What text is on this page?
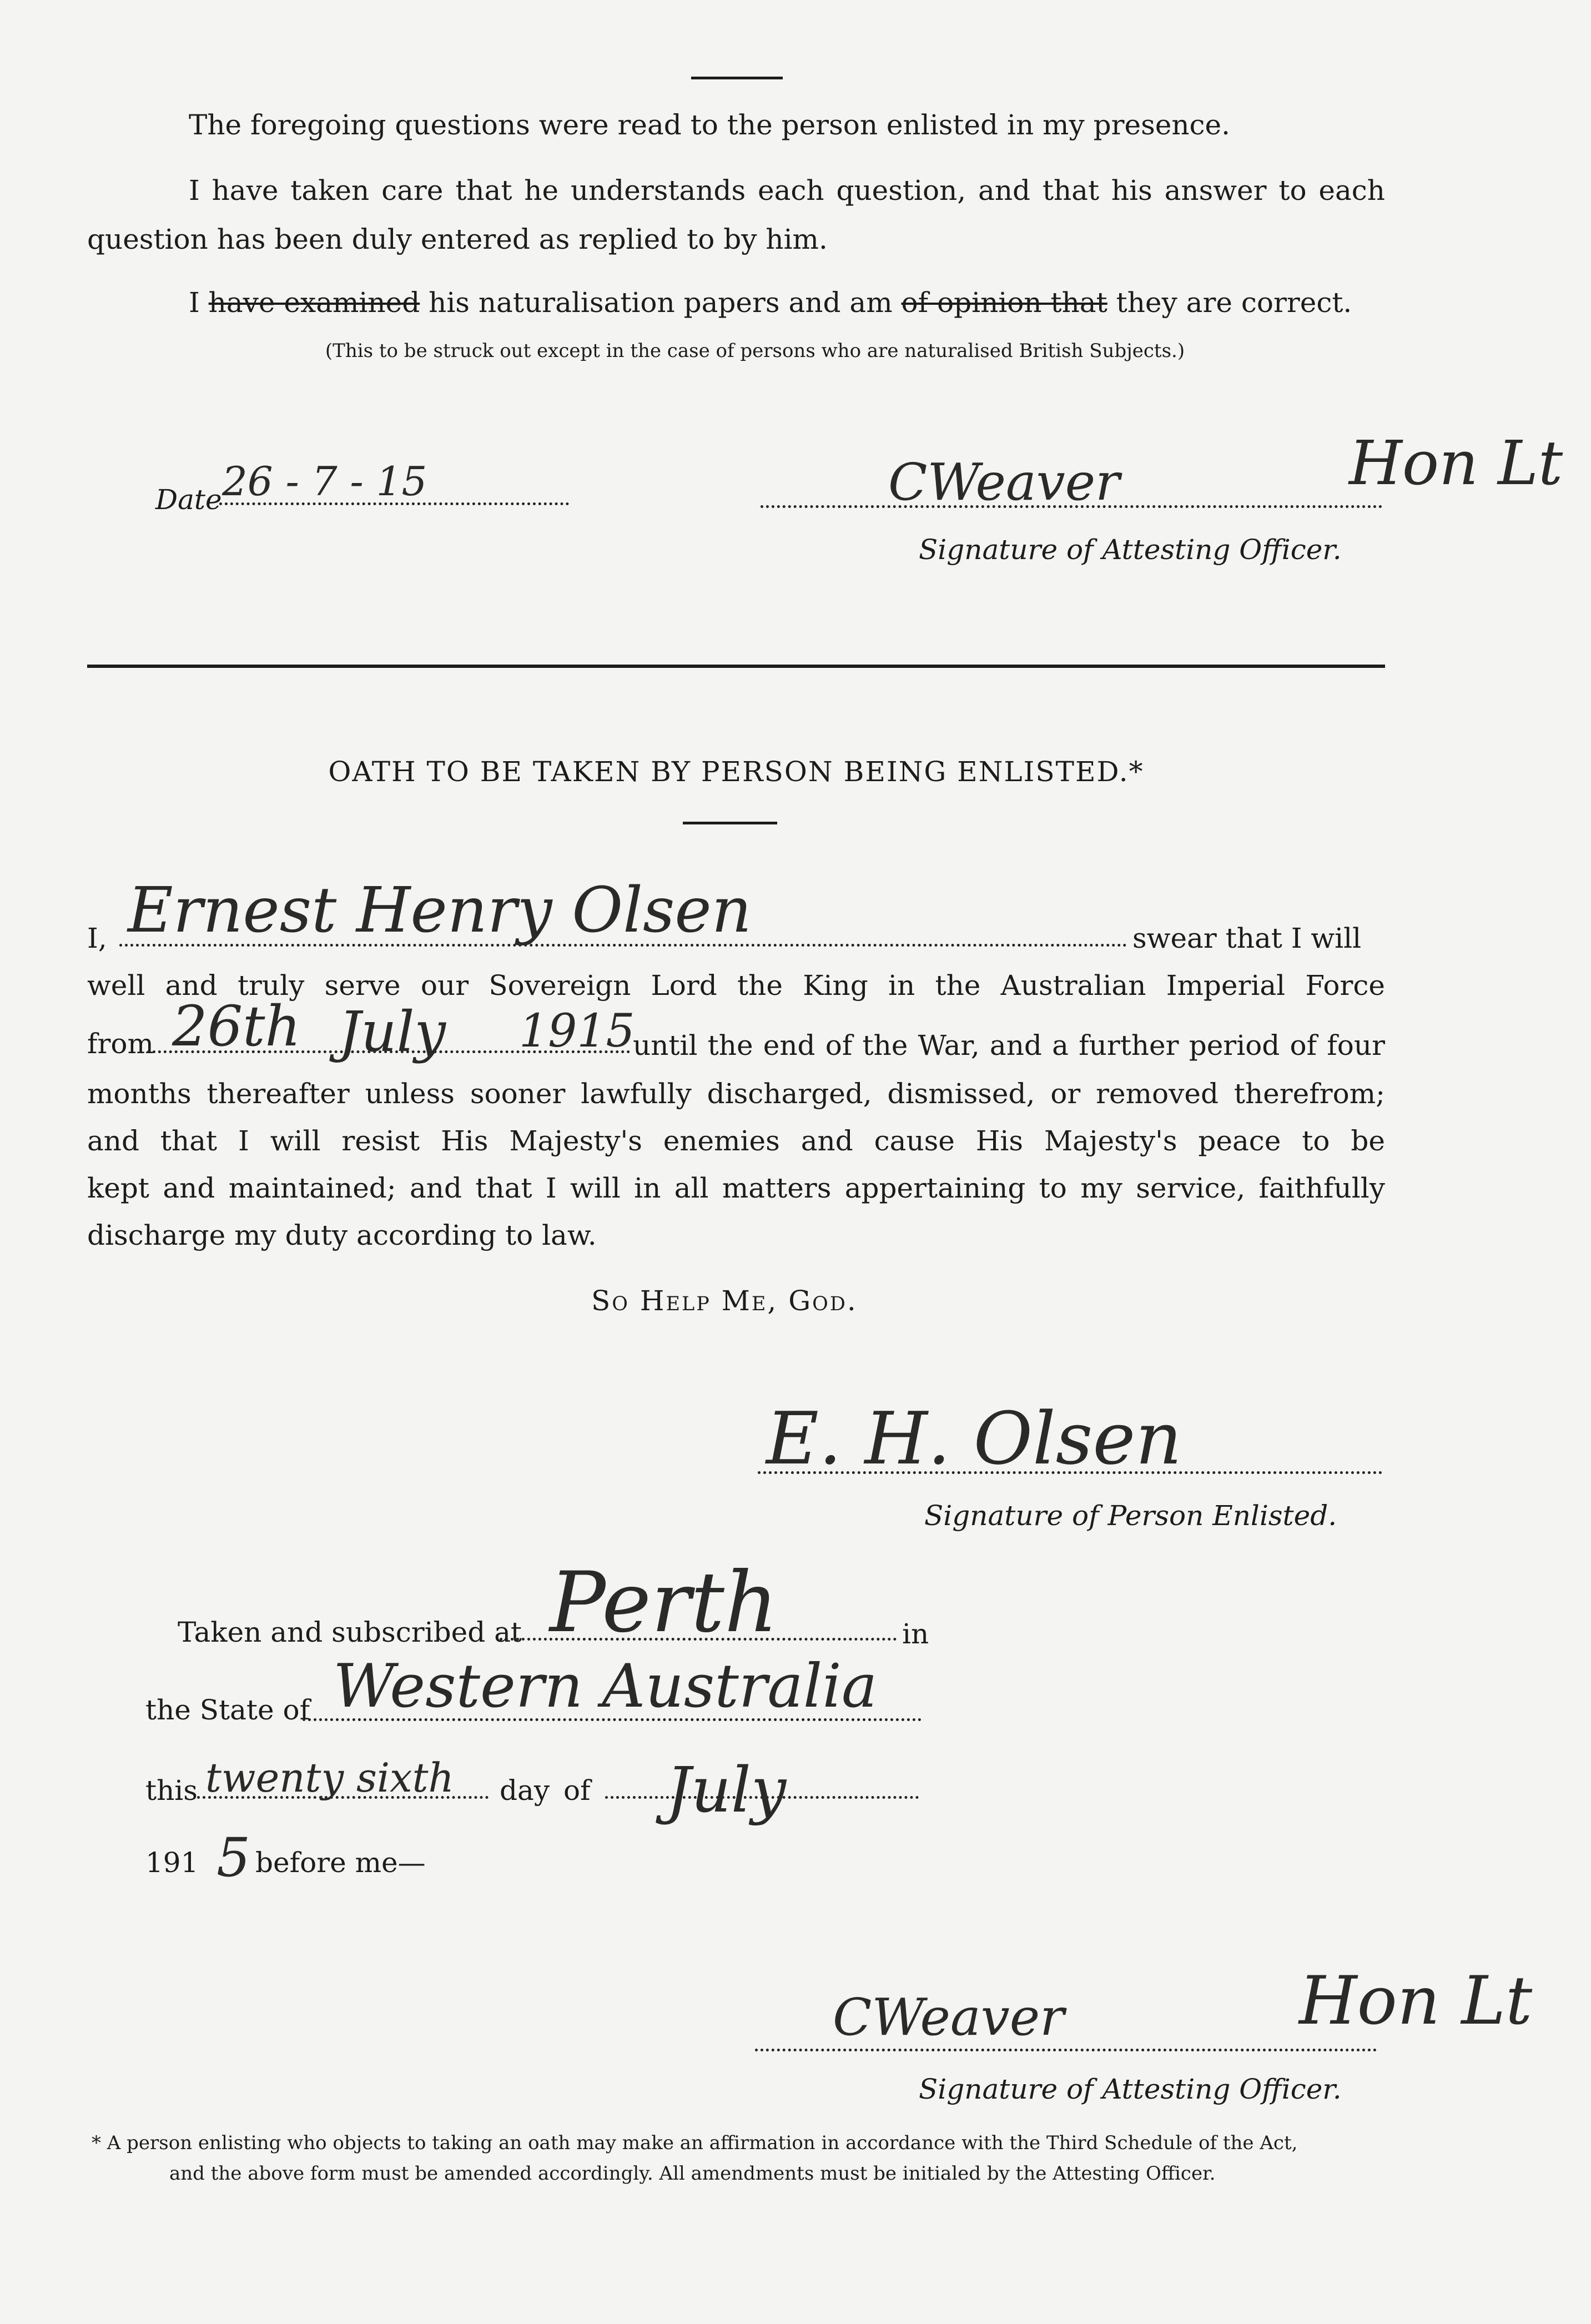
The foregoing questions were read to the person enlisted in my presence.
I have taken care that he understands each question, and that his answer to each
question has been duly entered as replied to by him.
I have examined his naturalisation papers and am of opinion that they are correct.
(This to be struck out except in the case of persons who are naturalised British Subjects.)
Date 26 - 7 - 15	CWeaver	Hon Lt
Signature of Attesting Officer.
OATH TO BE TAKEN BY PERSON BEING ENLISTED.*
I, Ernest Henry Olsen	swear that I will
well and truly serve our Sovereign Lord the King in the Australian Imperial Force
from 26th July 1915
until the end of the War, and a further period of four
months thereafter unless sooner lawfully discharged, dismissed, or removed therefrom;
and that I will resist His Majesty's enemies and cause His Majesty's peace to be
kept and maintained; and that I will in all matters appertaining to my service, faithfully
discharge my duty according to law.
So Help Me, God.
E. H. Olsen
Signature of Person Enlisted.
Taken and subscribed at Perth	in
the State of Western Australia
this twenty sixth day of July
191 5 before me—
CWeaver	Hon Lt
Signature of Attesting Officer.
* A person enlisting who objects to taking an oath may make an affirmation in accordance with the Third Schedule of the Act,
and the above form must be amended accordingly. All amendments must be initialed by the Attesting Officer.
